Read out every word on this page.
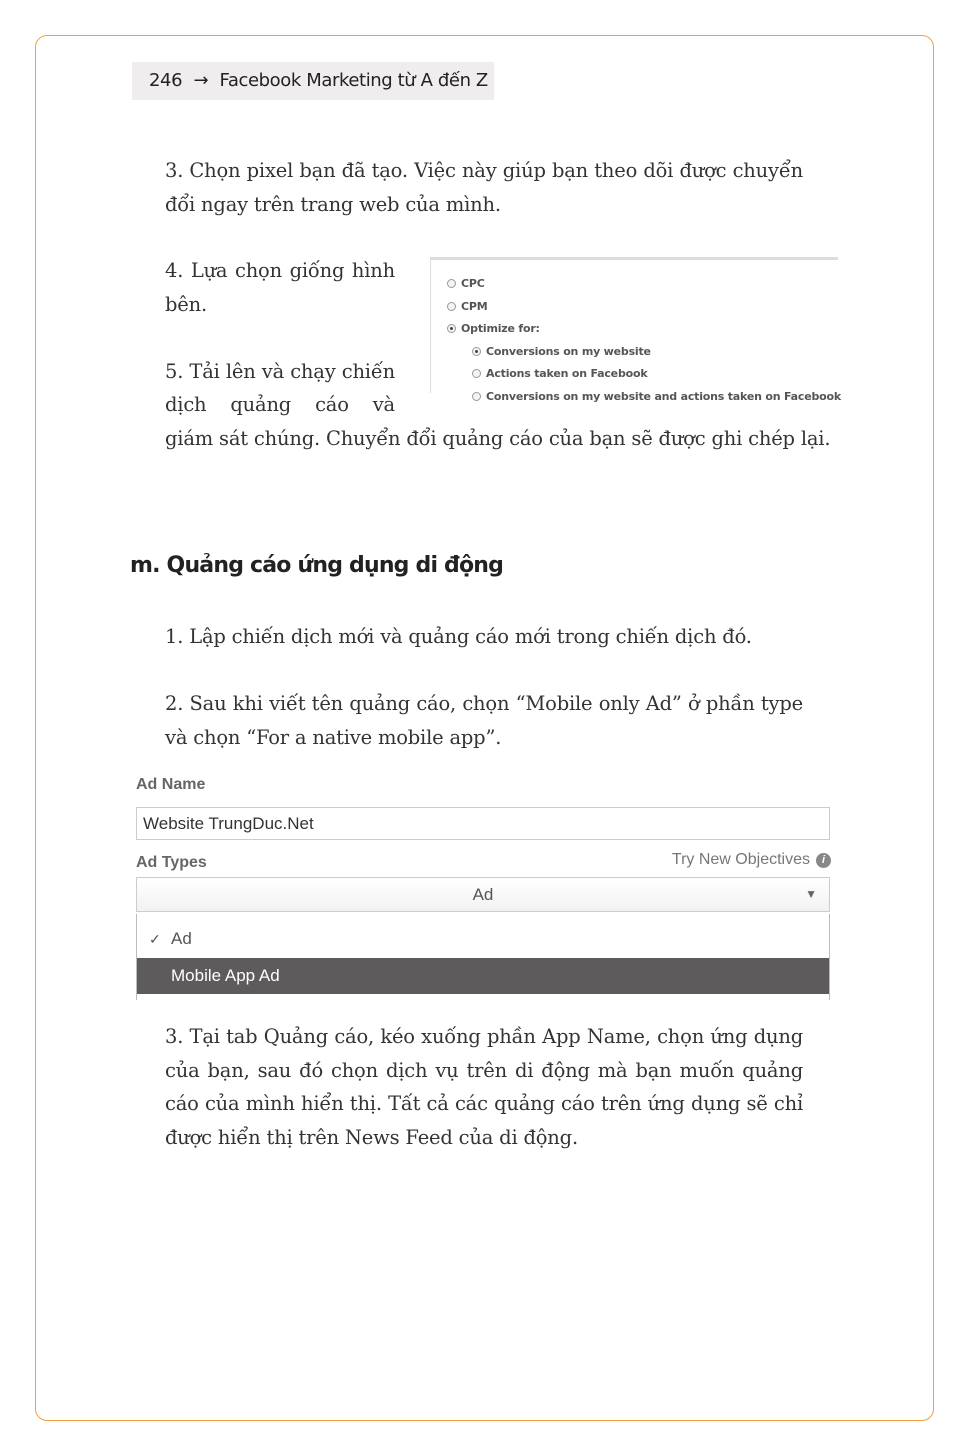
246 → Facebook Marketing từ A đến Z

3. Chọn pixel bạn đã tạo. Việc này giúp bạn theo dõi được chuyển đổi ngay trên trang web của mình.

CPC
CPM
Optimize for:
Conversions on my website
Actions taken on Facebook
Conversions on my website and actions taken on Facebook

4. Lựa chọn giống hình bên.

5. Tải lên và chạy chiến dịch quảng cáo và giám sát chúng. Chuyển đổi quảng cáo của bạn sẽ được ghi chép lại.

m. Quảng cáo ứng dụng di động

1. Lập chiến dịch mới và quảng cáo mới trong chiến dịch đó.

2. Sau khi viết tên quảng cáo, chọn “Mobile only Ad” ở phần type và chọn “For a native mobile app”.

Ad Name
Website TrungDuc.Net
Ad Types	Try New Objectives	i
Ad	▼
✓ Ad
Mobile App Ad

3. Tại tab Quảng cáo, kéo xuống phần App Name, chọn ứng dụng của bạn, sau đó chọn dịch vụ trên di động mà bạn muốn quảng cáo của mình hiển thị. Tất cả các quảng cáo trên ứng dụng sẽ chỉ được hiển thị trên News Feed của di động.
